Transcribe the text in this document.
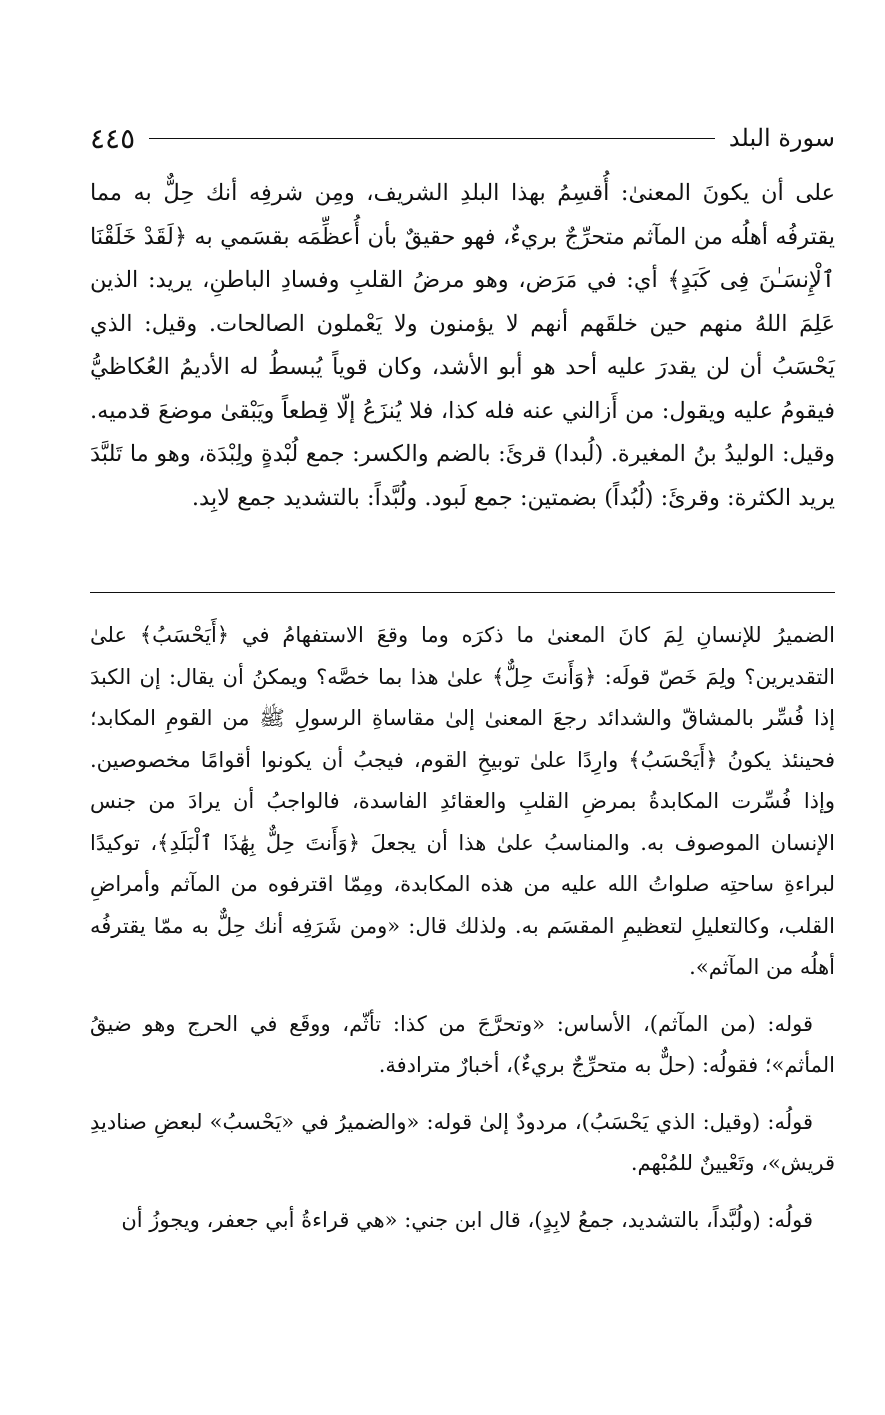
سورة البلد
٤٤٥

على أن يكونَ المعنىٰ: أُقسِمُ بهذا البلدِ الشريف، ومِن شرفِه أنك حِلٌّ به مما يقترفُه أهلُه من المآثم متحرِّجٌ بريءٌ، فهو حقيقٌ بأن أُعظِّمَه بقسَمي به ﴿لَقَدْ خَلَقْنَا ٱلْإِنسَـٰنَ فِى كَبَدٍ﴾ أي: في مَرَض، وهو مرضُ القلبِ وفسادِ الباطنِ، يريد: الذين عَلِمَ اللهُ منهم حين خلقَهم أنهم لا يؤمنون ولا يَعْملون الصالحات. وقيل: الذي يَحْسَبُ أن لن يقدرَ عليه أحد هو أبو الأشد، وكان قوياً يُبسطُ له الأديمُ العُكاظيُّ فيقومُ عليه ويقول: من أَزالني عنه فله كذا، فلا يُنزَعُ إلّا قِطعاً ويَبْقىٰ موضعَ قدميه. وقيل: الوليدُ بنُ المغيرة. (لُبدا) قرئَ: بالضم والكسر: جمع لُبْدةٍ ولِبْدَة، وهو ما تَلبَّدَ يريد الكثرة: وقرئَ: (لُبُداً) بضمتين: جمع لَبود. ولُبَّداً: بالتشديد جمع لابِد.

الضميرُ للإنسانِ لِمَ كانَ المعنىٰ ما ذكرَه وما وقعَ الاستفهامُ في ﴿أَيَحْسَبُ﴾ علىٰ التقديرين؟ ولِمَ خَصّ قولَه: ﴿وَأَنتَ حِلٌّ﴾ علىٰ هذا بما خصَّه؟ ويمكنُ أن يقال: إن الكبدَ إذا فُسِّر بالمشاقّ والشدائد رجعَ المعنىٰ إلىٰ مقاساةِ الرسولِ ﷺ من القومِ المكابد؛ فحينئذ يكونُ ﴿أَيَحْسَبُ﴾ وارِدًا علىٰ توبيخِ القوم، فيجبُ أن يكونوا أقوامًا مخصوصين. وإذا فُسِّرت المكابدةُ بمرضِ القلبِ والعقائدِ الفاسدة، فالواجبُ أن يرادَ من جنس الإنسان الموصوف به. والمناسبُ علىٰ هذا أن يجعلَ ﴿وَأَنتَ حِلٌّ بِهَٰذَا ٱلْبَلَدِ﴾، توكيدًا لبراءةِ ساحتِه صلواتُ الله عليه من هذه المكابدة، ومِمّا اقترفوه من المآثم وأمراضِ القلب، وكالتعليلِ لتعظيمِ المقسَم به. ولذلك قال: «ومن شَرَفِه أنك حِلٌّ به ممّا يقترفُه أهلُه من المآثم».

قوله: (من المآثم)، الأساس: «وتحرَّجَ من كذا: تأثّم، ووقَع في الحرج وهو ضيقُ المأثم»؛ فقولُه: (حلٌّ به متحرِّجٌ بريءٌ)، أخبارٌ مترادفة.

قولُه: (وقيل: الذي يَحْسَبُ)، مردودٌ إلىٰ قوله: «والضميرُ في «يَحْسبُ» لبعضِ صناديدِ قريش»، وتَعْيينٌ للمُبْهم.

قولُه: (ولُبَّداً، بالتشديد، جمعُ لابِدٍ)، قال ابن جني: «هي قراءةُ أبي جعفر، ويجوزُ أن
